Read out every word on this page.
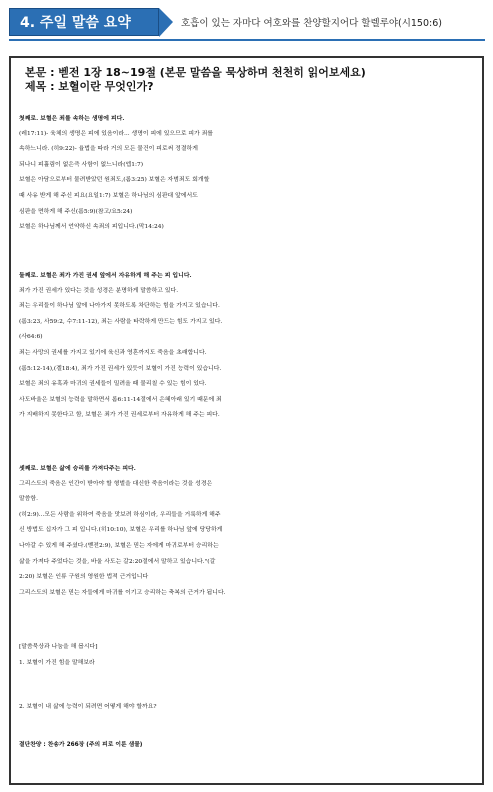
4. 주일 말씀 요약	호흡이 있는 자마다 여호와를 찬양할지어다 할렐루야(시150:6)
본문 : 벧전 1장 18~19절 (본문 말씀을 묵상하며 천천히 읽어보세요)
제목 : 보혈이란 무엇인가?

첫째로. 보혈은 죄를 속하는 생명에 피다.

(레17:11)- 육체의 생명은 피에 있음이라... 생명이 피에 있으므로 피가 죄를

속하느니라. (히9:22)- 율법을 따라 거의 모든 물건이 피로써 정결하게

되나니 피흘림이 없은즉 사함이 없느니라(엡1:7)

보혈은 아담으로부터 물려받았던 원죄도,(롬3:25) 보혈은 자범죄도 회개할

때 사유 받게 해 주신 피요(요일1:7) 보혈은 하나님의 심판대 앞에서도

심판을 면하게 해 주신(롬5:9)(참고/요5:24)

보혈은 하나님께서 언약하신 속죄의 피입니다.(막14:24)

둘째로. 보혈은 죄가 가진 권세 앞에서 자유하게 해 주는 피 입니다.

죄가 가진 권세가 있다는 것을 성경은 분명하게 말씀하고 있다.

죄는 우리들이 하나님 앞에 나아가지 못하도록 차단하는 힘을 가지고 있습니다.

(롬3:23, 사59:2, 수7:11-12), 죄는 사람을 타락하게 만드는 힘도 가지고 있다.

(사64:6)

죄는 사망의 권세를 가지고 있기에 육신과 영혼까지도 죽음을 초래합니다.

(롬5:12-14),(겔18:4), 죄가 가진 권세가 있듯이 보혈이 가진 능력이 있습니다.

보혈은 죄의 유혹과 마귀의 권세들이 밀려올 때 물리칠 수 있는 힘이 있다.

사도바울은 보혈의 능력을 말하면서 롬6:11-14절에서 은혜아래 있기 때문에 죄

가 지배하지 못한다고 함, 보혈은 죄가 가진 권세로부터 자유하게 해 주는 피다.

셋째로. 보혈은 삶에 승리를 가져다주는 피다.

그리스도의 죽음은 인간이 받아야 할 형벌을 대신한 죽음이라는 것을 성경은

말씀함.

(히2:9)...모든 사람을 위하여 죽음을 맛보려 하심이라, 우리들을 거룩하게 해주

신 방법도 십자가 그 피 입니다.(히10:10), 보혈은 우리를 하나님 앞에 당당하게

나아갈 수 있게 해 주셨다.(벧전2:9), 보혈은 믿는 자에게 마귀로부터 승리하는

삶을 가져다 주었다는 것을, 바울 사도는 갈2:20절에서 말하고 있습니다."(갈

2:20) 보혈은 인류 구원의 영원한 법적 근거입니다

그리스도의 보혈은 믿는 자들에게 마귀를 이기고 승리하는 축복의 근거가 됩니다.

[말씀묵상과 나눔을 해 봅시다]

1. 보혈이 가진 힘을 말해보라

2. 보혈이 내 삶에 능력이 되려면 어떻게 해야 할까요?

결단찬양 : 찬송가 266장 (주의 피로 이룬 샘물)
